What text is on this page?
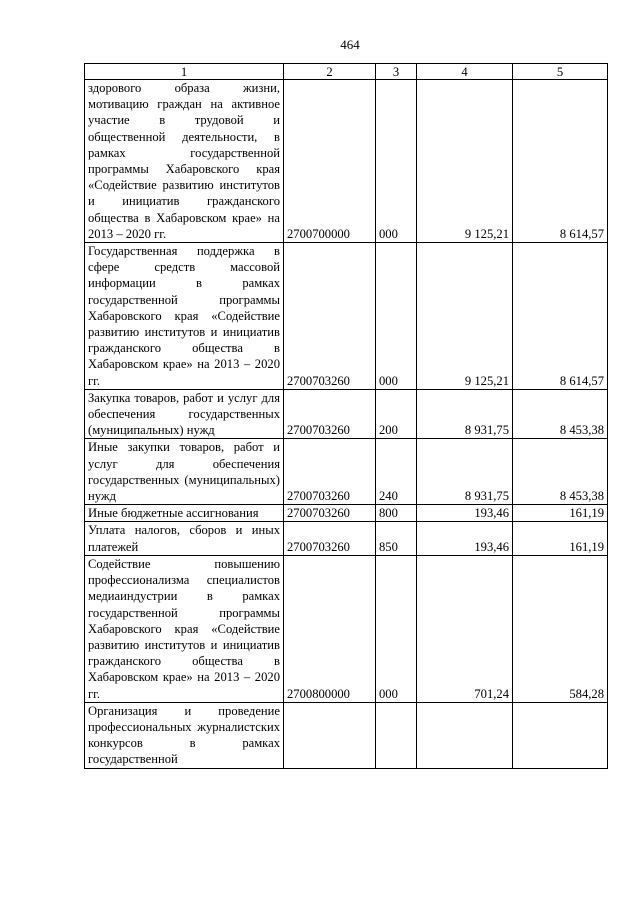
464
1	2	3	4	5
здорового образа жизни, мотивацию граждан на активное участие в трудовой и общественной деятельности, в рамках государственной программы Хабаровского края «Содействие развитию институтов и инициатив гражданского общества в Хабаровском крае» на 2013 – 2020 гг.	2700700000	000	9 125,21	8 614,57
Государственная поддержка в сфере средств массовой информации в рамках государственной программы Хабаровского края «Содействие развитию институтов и инициатив гражданского общества в Хабаровском крае» на 2013 – 2020 гг.	2700703260	000	9 125,21	8 614,57
Закупка товаров, работ и услуг для обеспечения государственных (муниципальных) нужд	2700703260	200	8 931,75	8 453,38
Иные закупки товаров, работ и услуг для обеспечения государственных (муниципальных) нужд	2700703260	240	8 931,75	8 453,38
Иные бюджетные ассигнования	2700703260	800	193,46	161,19
Уплата налогов, сборов и иных платежей	2700703260	850	193,46	161,19
Содействие повышению профессионализма специалистов медиаиндустрии в рамках государственной программы Хабаровского края «Содействие развитию институтов и инициатив гражданского общества в Хабаровском крае» на 2013 – 2020 гг.	2700800000	000	701,24	584,28
Организация и проведение профессиональных журналистских конкурсов в рамках государственной				
